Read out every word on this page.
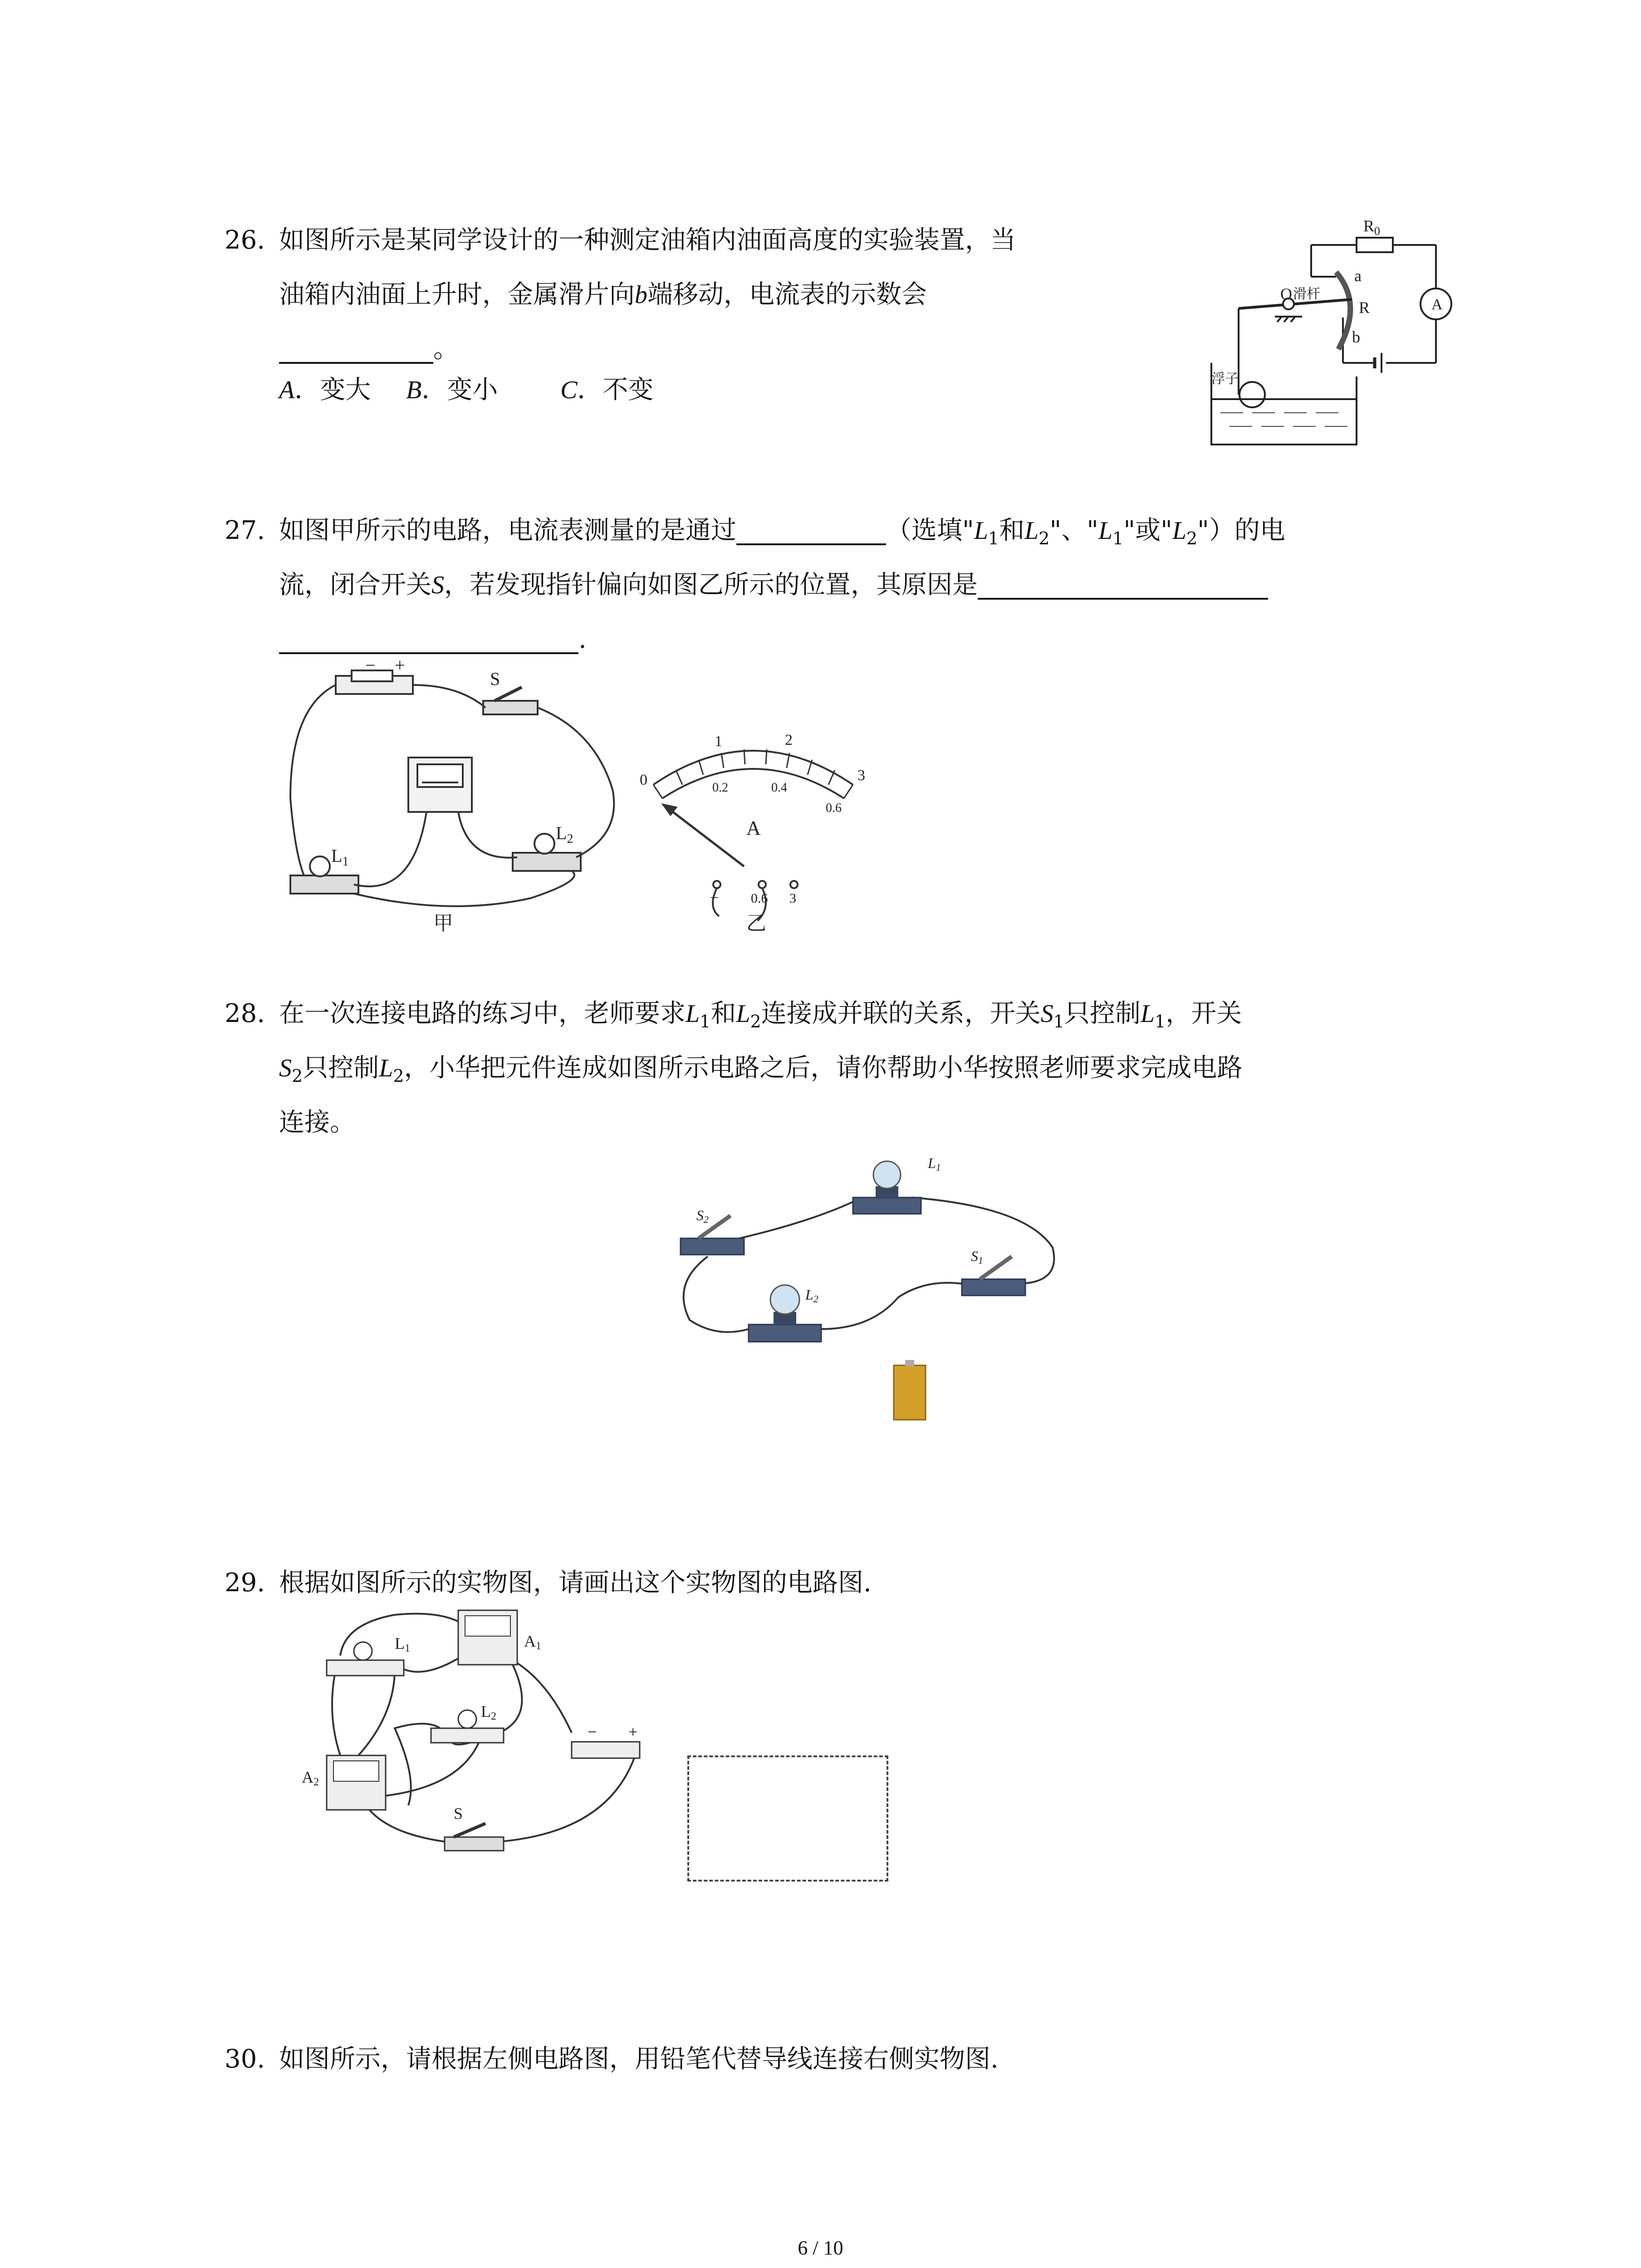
26. 如图所示是某同学设计的一种测定油箱内油面高度的实验装置，当
油箱内油面上升时，金属滑片向b端移动，电流表的示数会
。
A．变大 B．变小 C．不变
$R_0$
a
R
b
A
O 滑杆
浮子
27. 如图甲所示的电路，电流表测量的是通过	（选填"$L_1$和$L_2$"、"$L_1$"或"$L_2$"）的电
流，闭合开关S，若发现指针偏向如图乙所示的位置，其原因是
.
− +
S
$L_1$
$L_2$
甲
0
1	2
3
0.2	0.4
0.6
A
− 0.6 3
乙
28. 在一次连接电路的练习中，老师要求$L_1$和$L_2$连接成并联的关系，开关$S_1$只控制$L_1$，开关
$S_2$只控制$L_2$，小华把元件连成如图所示电路之后，请你帮助小华按照老师要求完成电路
连接。
L1
L2
S2
S1
29. 根据如图所示的实物图，请画出这个实物图的电路图.
L1	A1
L2
A2
S
− +
30. 如图所示，请根据左侧电路图，用铅笔代替导线连接右侧实物图.
6 / 10
